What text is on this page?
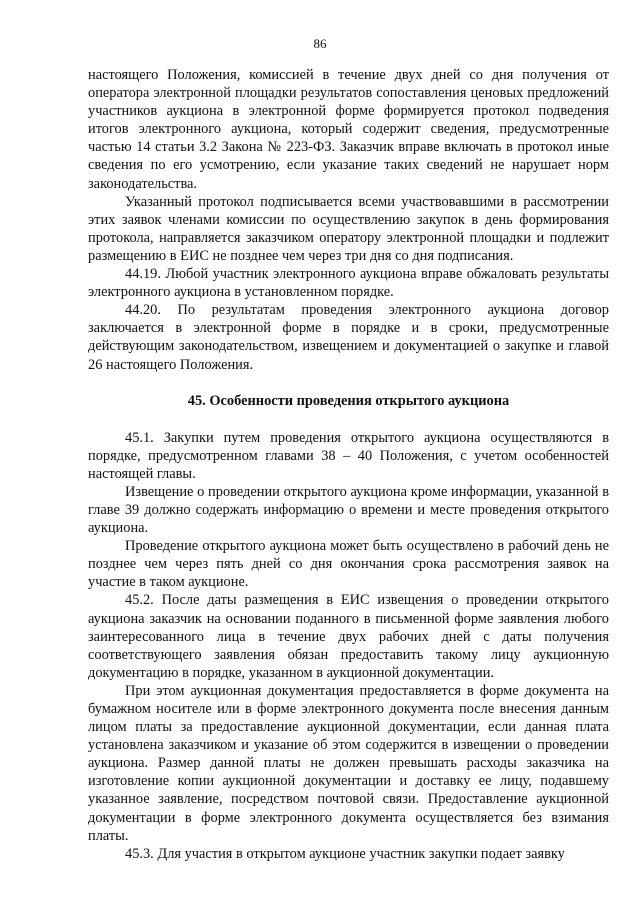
86

настоящего Положения, комиссией в течение двух дней со дня получения от оператора электронной площадки результатов сопоставления ценовых предложений участников аукциона в электронной форме формируется протокол подведения итогов электронного аукциона, который содержит сведения, предусмотренные частью 14 статьи 3.2 Закона № 223-ФЗ. Заказчик вправе включать в протокол иные сведения по его усмотрению, если указание таких сведений не нарушает норм законодательства.

Указанный протокол подписывается всеми участвовавшими в рассмотрении этих заявок членами комиссии по осуществлению закупок в день формирования протокола, направляется заказчиком оператору электронной площадки и подлежит размещению в ЕИС не позднее чем через три дня со дня подписания.

44.19. Любой участник электронного аукциона вправе обжаловать результаты электронного аукциона в установленном порядке.

44.20. По результатам проведения электронного аукциона договор заключается в электронной форме в порядке и в сроки, предусмотренные действующим законодательством, извещением и документацией о закупке и главой 26 настоящего Положения.

45. Особенности проведения открытого аукциона

45.1. Закупки путем проведения открытого аукциона осуществляются в порядке, предусмотренном главами 38 – 40 Положения, с учетом особенностей настоящей главы.

Извещение о проведении открытого аукциона кроме информации, указанной в главе 39 должно содержать информацию о времени и месте проведения открытого аукциона.

Проведение открытого аукциона может быть осуществлено в рабочий день не позднее чем через пять дней со дня окончания срока рассмотрения заявок на участие в таком аукционе.

45.2. После даты размещения в ЕИС извещения о проведении открытого аукциона заказчик на основании поданного в письменной форме заявления любого заинтересованного лица в течение двух рабочих дней с даты получения соответствующего заявления обязан предоставить такому лицу аукционную документацию в порядке, указанном в аукционной документации.

При этом аукционная документация предоставляется в форме документа на бумажном носителе или в форме электронного документа после внесения данным лицом платы за предоставление аукционной документации, если данная плата установлена заказчиком и указание об этом содержится в извещении о проведении аукциона. Размер данной платы не должен превышать расходы заказчика на изготовление копии аукционной документации и доставку ее лицу, подавшему указанное заявление, посредством почтовой связи. Предоставление аукционной документации в форме электронного документа осуществляется без взимания платы.

45.3. Для участия в открытом аукционе участник закупки подает заявку
